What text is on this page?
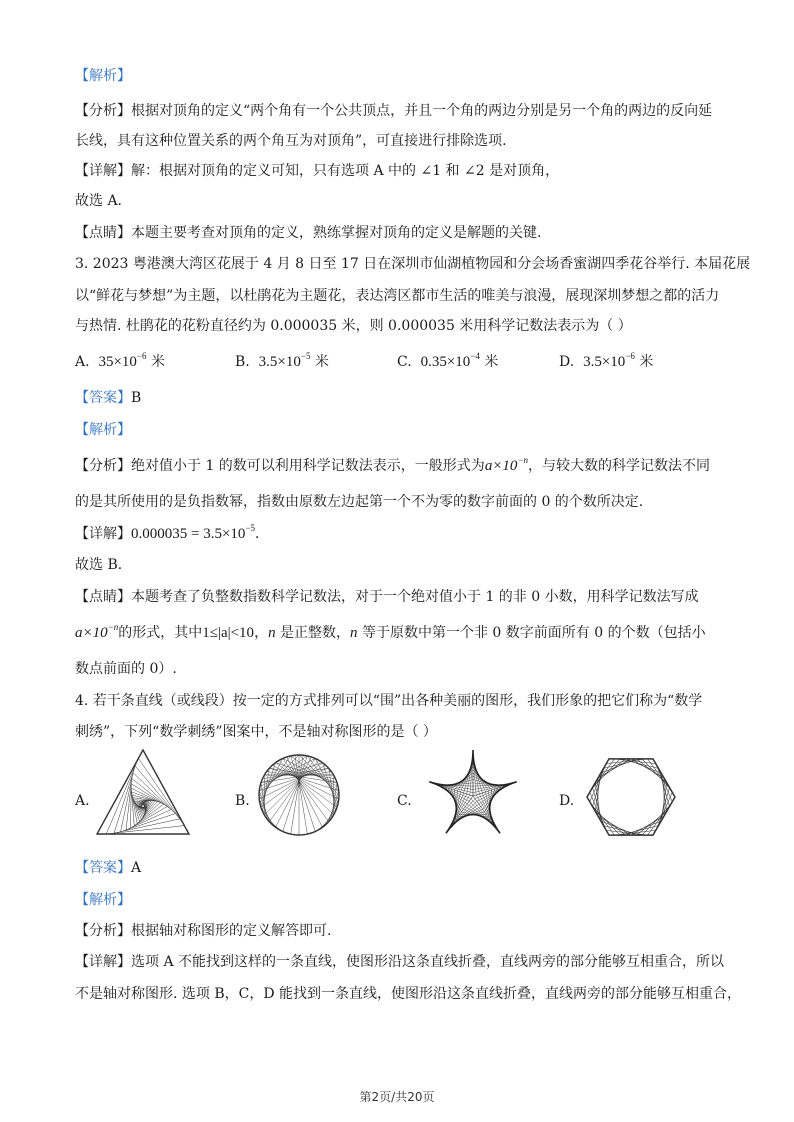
【解析】
【分析】根据对顶角的定义“两个角有一个公共顶点，并且一个角的两边分别是另一个角的两边的反向延
长线，具有这种位置关系的两个角互为对顶角”，可直接进行排除选项.
【详解】解：根据对顶角的定义可知，只有选项 A 中的 ∠1 和 ∠2 是对顶角，
故选 A．
【点睛】本题主要考查对顶角的定义，熟练掌握对顶角的定义是解题的关键.
3. 2023 粤港澳大湾区花展于 4 月 8 日至 17 日在深圳市仙湖植物园和分会场香蜜湖四季花谷举行. 本届花展
以“鲜花与梦想”为主题，以杜鹃花为主题花，表达湾区都市生活的唯美与浪漫，展现深圳梦想之都的活力
与热情. 杜鹃花的花粉直径约为 0.000035 米，则 0.000035 米用科学记数法表示为（ ）
A. $35\times 10^{-6}$ 米	B. $3.5\times 10^{-5}$ 米	C. $0.35\times 10^{-4}$ 米	D. $3.5\times 10^{-6}$ 米
【答案】B
【解析】
【分析】绝对值小于 1 的数可以利用科学记数法表示，一般形式为$a\times 10^{-n}$，与较大数的科学记数法不同
的是其所使用的是负指数幂，指数由原数左边起第一个不为零的数字前面的 0 的个数所决定.
【详解】$0.000035 = 3.5\times 10^{-5}$．
故选 B．
【点睛】本题考查了负整数指数科学记数法，对于一个绝对值小于 1 的非 0 小数，用科学记数法写成
$a\times 10^{-n}$的形式，其中1≤|a|<10，n 是正整数，n 等于原数中第一个非 0 数字前面所有 0 的个数（包括小
数点前面的 0）.
4. 若干条直线（或线段）按一定的方式排列可以“围”出各种美丽的图形，我们形象的把它们称为“数学
刺绣”，下列“数学刺绣”图案中，不是轴对称图形的是（ ）
A.	B.	C.	D.
【答案】A
【解析】
【分析】根据轴对称图形的定义解答即可.
【详解】选项 A 不能找到这样的一条直线，使图形沿这条直线折叠，直线两旁的部分能够互相重合，所以
不是轴对称图形. 选项 B，C，D 能找到一条直线，使图形沿这条直线折叠，直线两旁的部分能够互相重合，
第2页/共20页
